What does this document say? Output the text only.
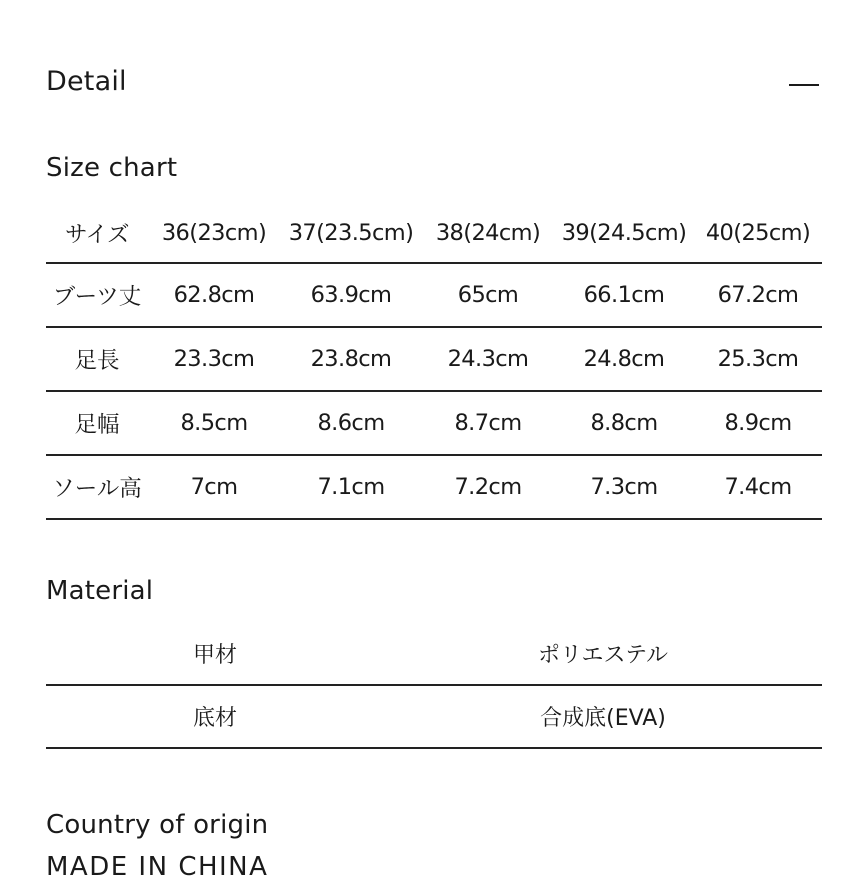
Detail
Size chart
サイズ	36(23cm)	37(23.5cm)	38(24cm)	39(24.5cm)	40(25cm)
ブーツ丈	62.8cm	63.9cm	65cm	66.1cm	67.2cm
足長	23.3cm	23.8cm	24.3cm	24.8cm	25.3cm
足幅	8.5cm	8.6cm	8.7cm	8.8cm	8.9cm
ソール高	7cm	7.1cm	7.2cm	7.3cm	7.4cm
Material
甲材	ポリエステル
底材	合成底(EVA)
Country of origin
MADE IN CHINA
